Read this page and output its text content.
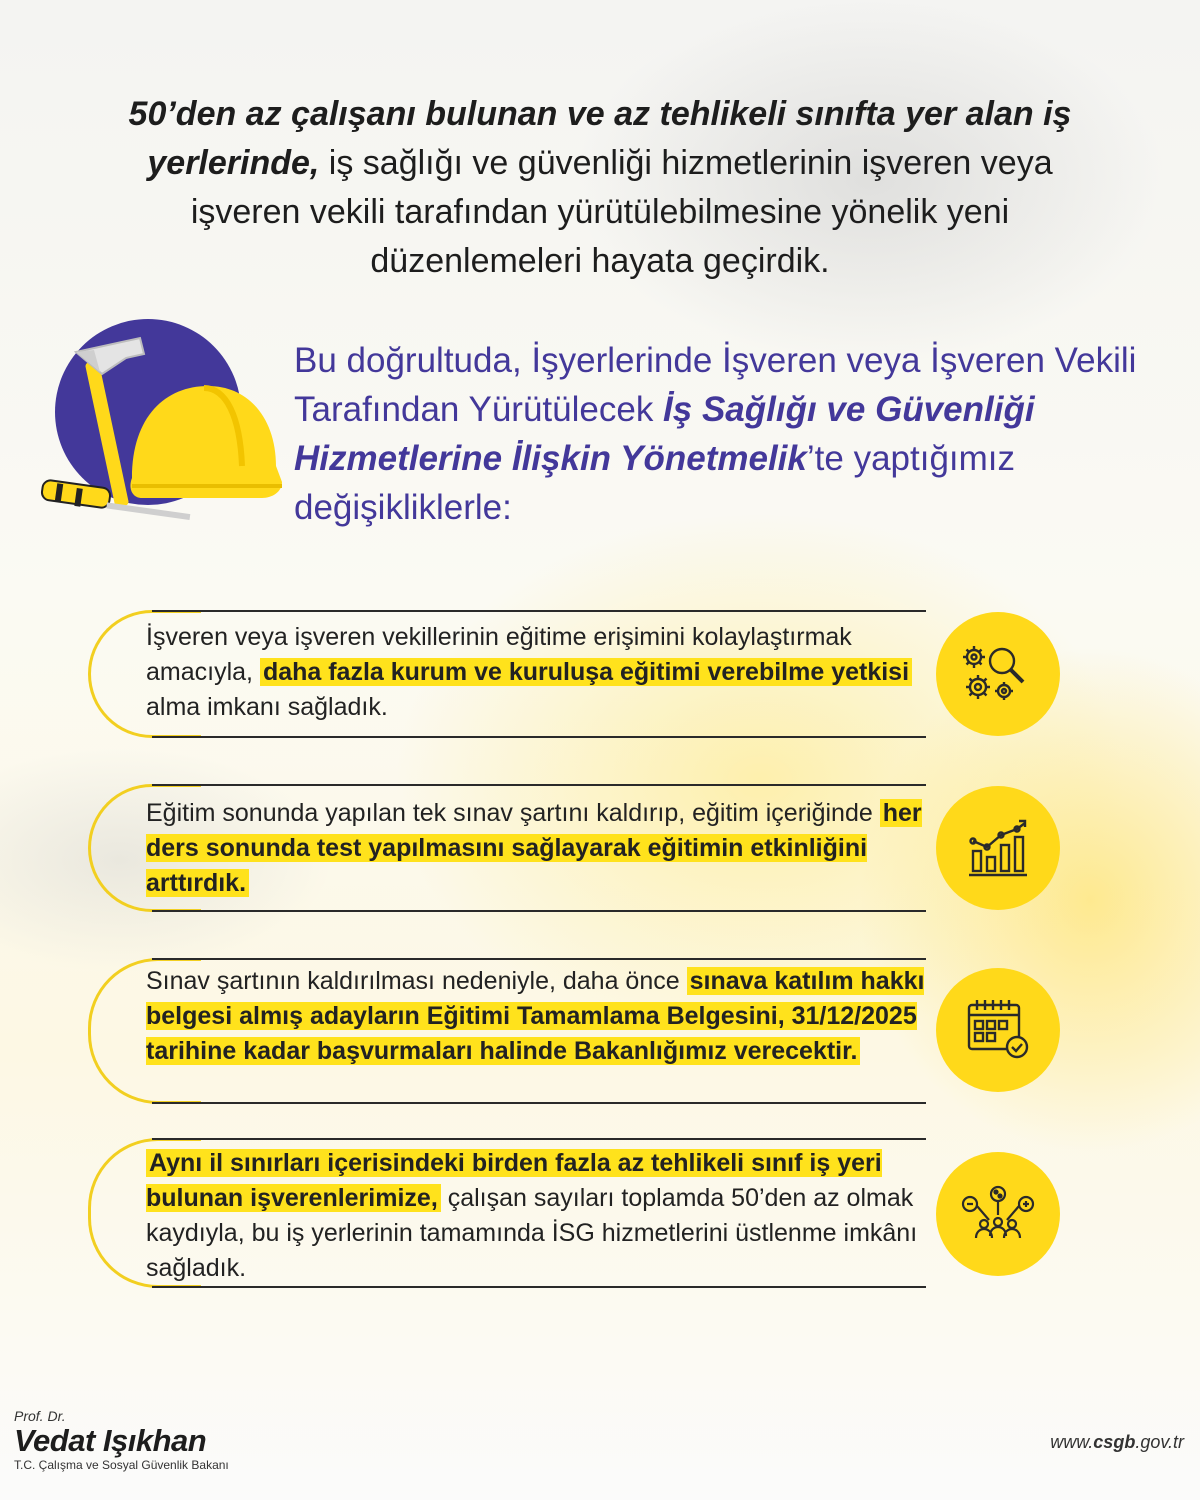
50’den az çalışanı bulunan ve az tehlikeli sınıfta yer alan iş yerlerinde, iş sağlığı ve güvenliği hizmetlerinin işveren veya işveren vekili tarafından yürütülebilmesine yönelik yeni düzenlemeleri hayata geçirdik.
Bu doğrultuda, İşyerlerinde İşveren veya İşveren Vekili Tarafından Yürütülecek İş Sağlığı ve Güvenliği Hizmetlerine İlişkin Yönetmelik’te yaptığımız değişikliklerle:
İşveren veya işveren vekillerinin eğitime erişimini kolaylaştırmak amacıyla, daha fazla kurum ve kuruluşa eğitimi verebilme yetkisi alma imkanı sağladık.
Eğitim sonunda yapılan tek sınav şartını kaldırıp, eğitim içeriğinde her ders sonunda test yapılmasını sağlayarak eğitimin etkinliğini arttırdık.
Sınav şartının kaldırılması nedeniyle, daha önce sınava katılım hakkı belgesi almış adayların Eğitimi Tamamlama Belgesini, 31/12/2025 tarihine kadar başvurmaları halinde Bakanlığımız verecektir.
Aynı il sınırları içerisindeki birden fazla az tehlikeli sınıf iş yeri bulunan işverenlerimize, çalışan sayıları toplamda 50’den az olmak kaydıyla, bu iş yerlerinin tamamında İSG hizmetlerini üstlenme imkânı sağladık.
Prof. Dr.
Vedat Işıkhan
T.C. Çalışma ve Sosyal Güvenlik Bakanı
www.csgb.gov.tr
